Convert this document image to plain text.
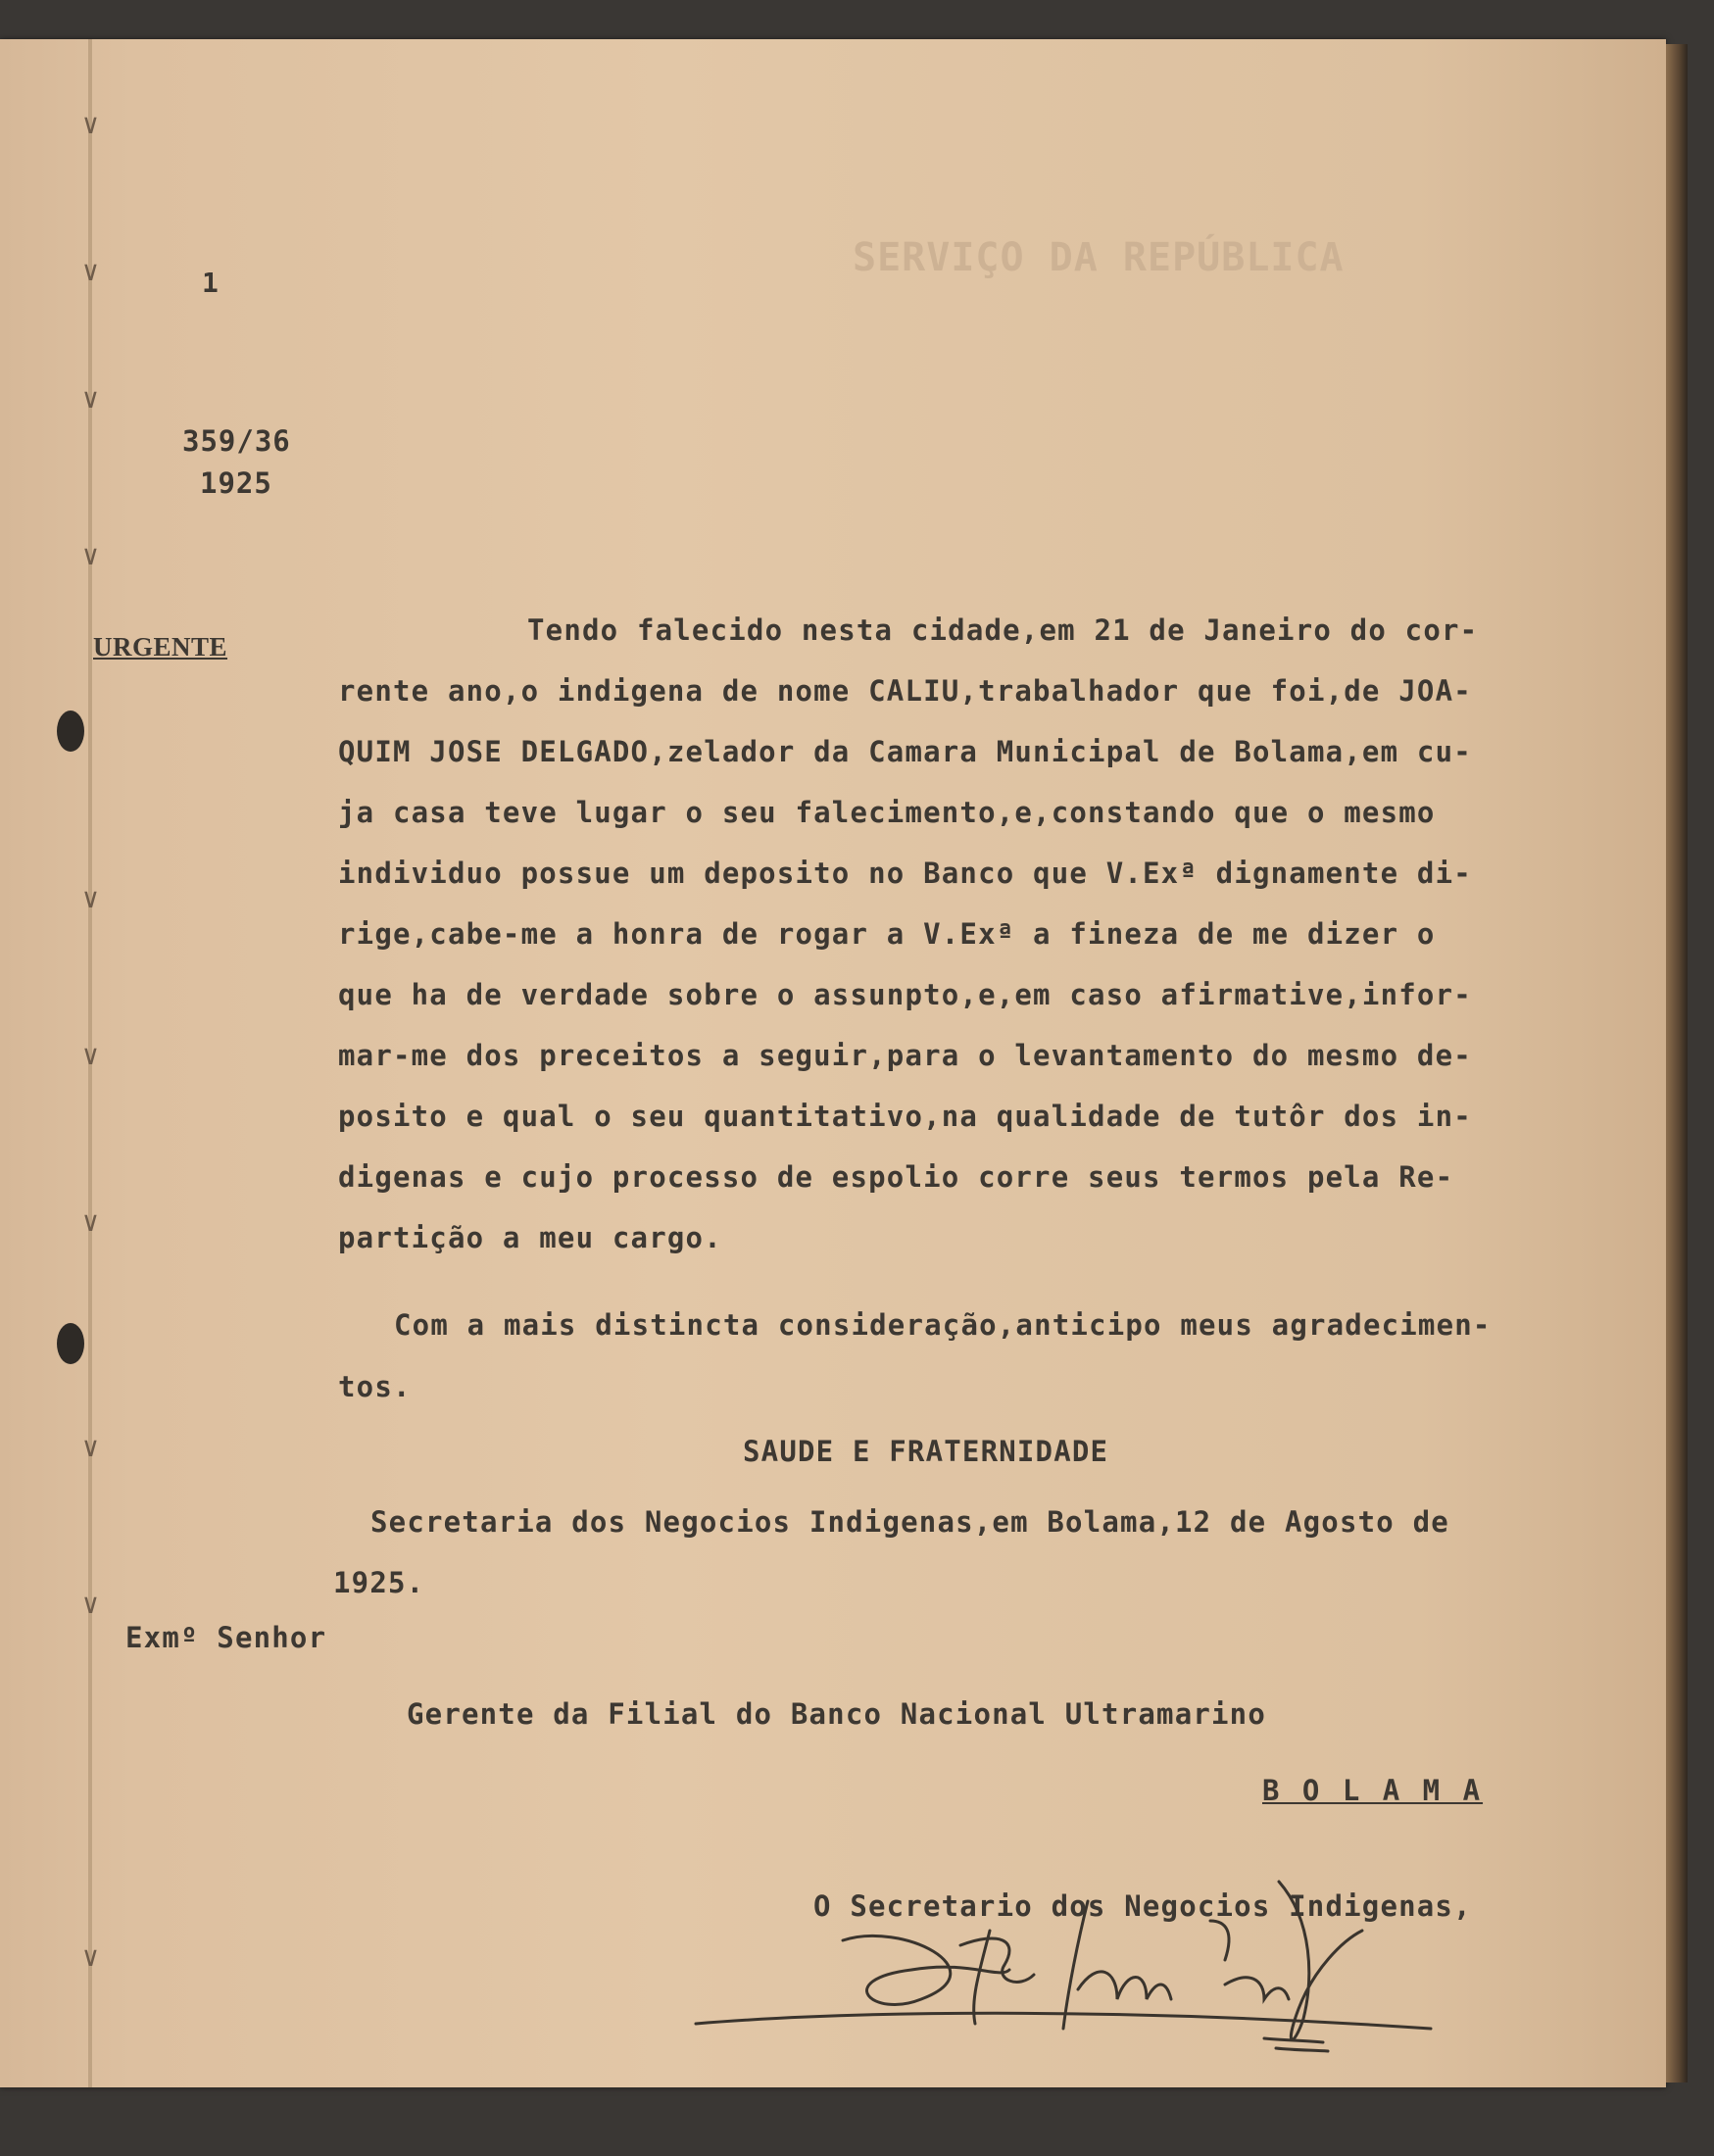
∨
∨
∨
∨
∨
∨
∨
∨
∨
∨
SERVIÇO DA REPÚBLICA
1
359/36
1925
URGENTE	Tendo falecido nesta cidade,em 21 de Janeiro do cor-
rente ano,o indigena de nome CALIU,trabalhador que foi,de JOA-
QUIM JOSE DELGADO,zelador da Camara Municipal de Bolama,em cu-
ja casa teve lugar o seu falecimento,e,constando que o mesmo
individuo possue um deposito no Banco que V.Exª dignamente di-
rige,cabe-me a honra de rogar a V.Exª a fineza de me dizer o
que ha de verdade sobre o assunpto,e,em caso afirmative,infor-
mar-me dos preceitos a seguir,para o levantamento do mesmo de-
posito e qual o seu quantitativo,na qualidade de tutôr dos in-
digenas e cujo processo de espolio corre seus termos pela Re-
partição a meu cargo.
Com a mais distincta consideração,anticipo meus agradecimen-
tos.
SAUDE E FRATERNIDADE
Secretaria dos Negocios Indigenas,em Bolama,12 de Agosto de
1925.
Exmº Senhor
Gerente da Filial do Banco Nacional Ultramarino
B O L A M A
O Secretario dos Negocios Indigenas,
